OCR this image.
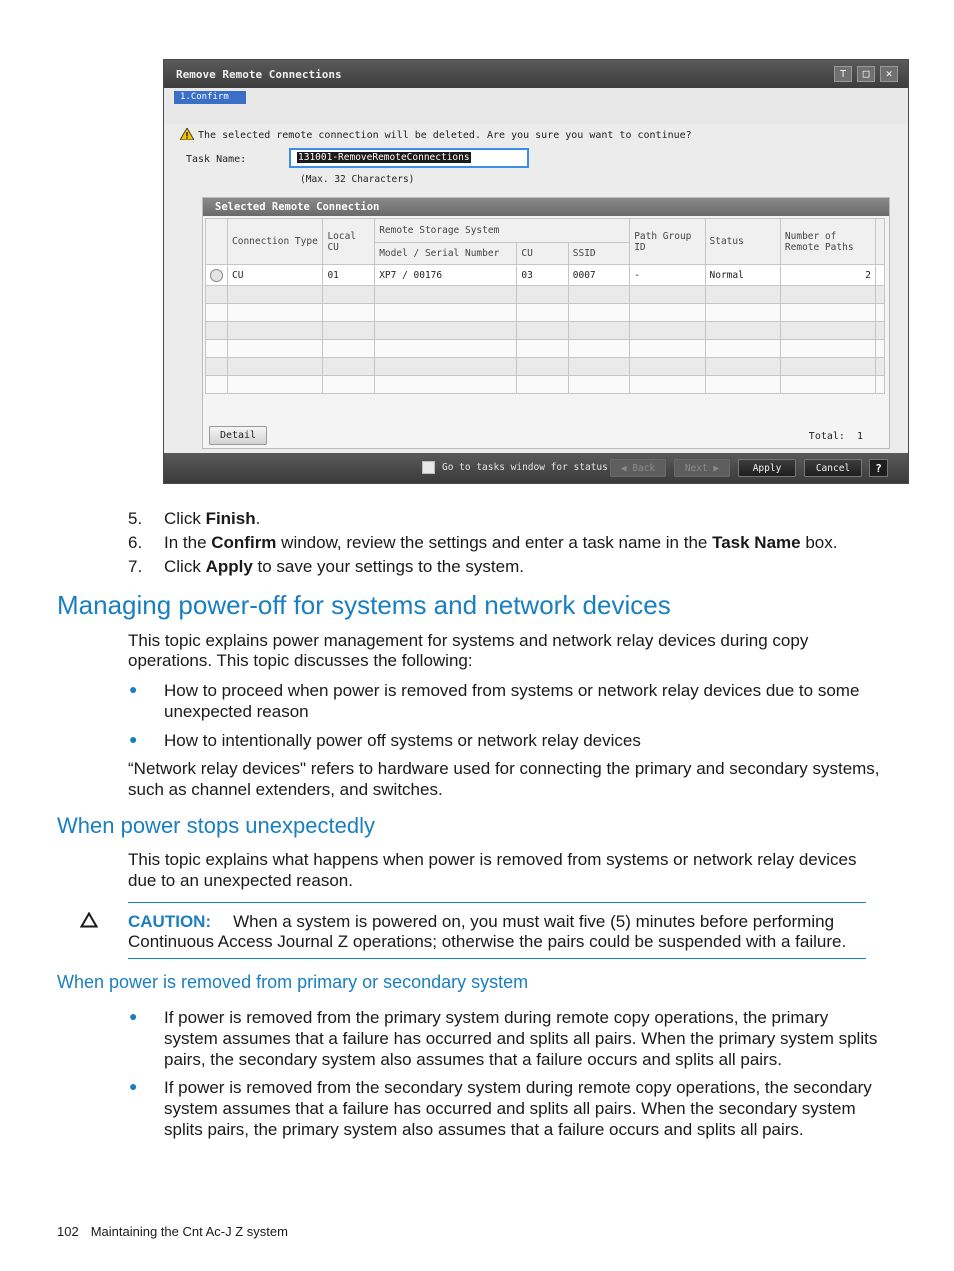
Remove Remote Connections	⊤	□	✕
1.Confirm
The selected remote connection will be deleted. Are you sure you want to continue?
Task Name:	131001-RemoveRemoteConnections
(Max. 32 Characters)
Selected Remote Connection
	Connection Type	Local CU	Remote Storage System			Path Group ID	Status	Number of Remote Paths	
			Model / Serial Number	CU	SSID				
	CU	01	XP7 / 00176	03	0007	-	Normal	2	

Detail	Total: 1
Go to tasks window for status	◀ Back	Next ▶	Apply	Cancel	?
5. Click Finish.
6. In the Confirm window, review the settings and enter a task name in the Task Name box.
7. Click Apply to save your settings to the system.
Managing power-off for systems and network devices
This topic explains power management for systems and network relay devices during copy
operations. This topic discusses the following:
● How to proceed when power is removed from systems or network relay devices due to some
unexpected reason
● How to intentionally power off systems or network relay devices
“Network relay devices" refers to hardware used for connecting the primary and secondary systems,
such as channel extenders, and switches.
When power stops unexpectedly
This topic explains what happens when power is removed from systems or network relay devices
due to an unexpected reason.
CAUTION: When a system is powered on, you must wait five (5) minutes before performing
Continuous Access Journal Z operations; otherwise the pairs could be suspended with a failure.
When power is removed from primary or secondary system
● If power is removed from the primary system during remote copy operations, the primary
system assumes that a failure has occurred and splits all pairs. When the primary system splits
pairs, the secondary system also assumes that a failure occurs and splits all pairs.
● If power is removed from the secondary system during remote copy operations, the secondary
system assumes that a failure has occurred and splits all pairs. When the secondary system
splits pairs, the primary system also assumes that a failure occurs and splits all pairs.
102 Maintaining the Cnt Ac-J Z system
